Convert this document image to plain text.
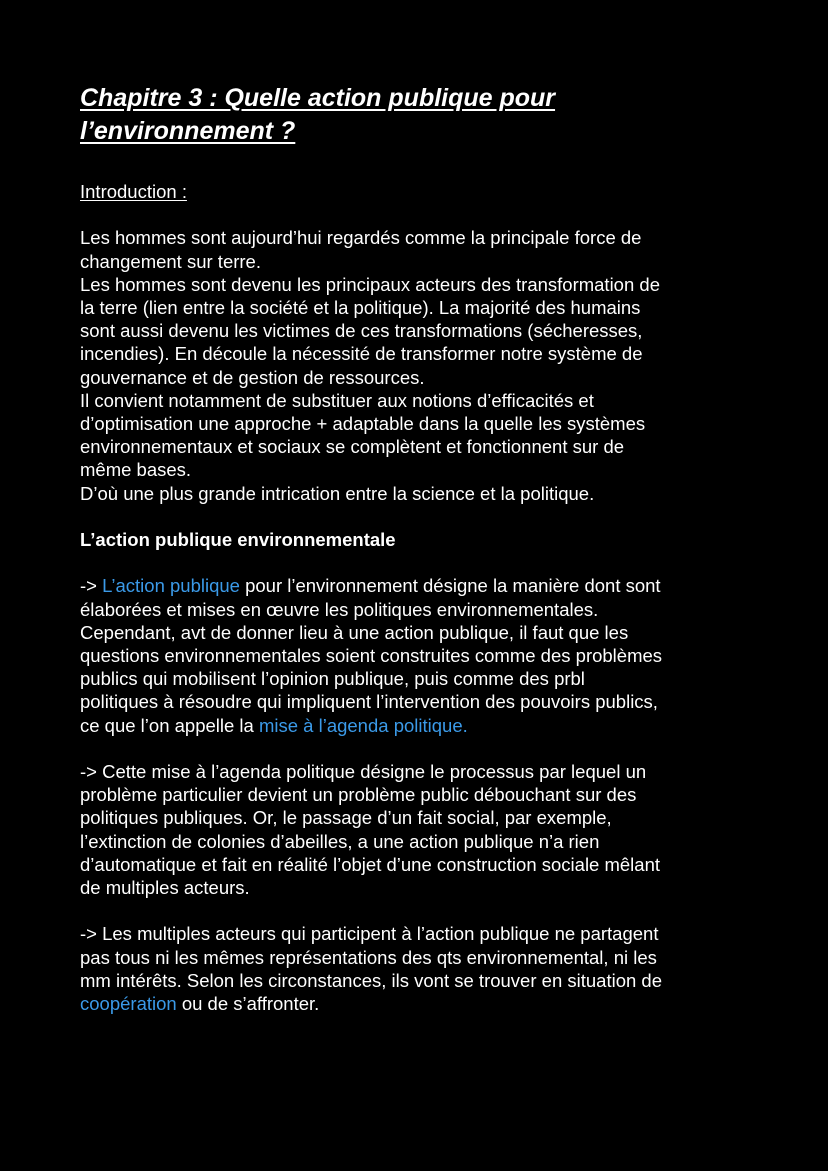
Chapitre 3 : Quelle action publique pour
l’environnement ?

Introduction :

Les hommes sont aujourd’hui regardés comme la principale force de

changement sur terre.

Les hommes sont devenu les principaux acteurs des transformation de

la terre (lien entre la société et la politique). La majorité des humains

sont aussi devenu les victimes de ces transformations (sécheresses,

incendies). En découle la nécessité de transformer notre système de

gouvernance et de gestion de ressources.

Il convient notamment de substituer aux notions d’efficacités et

d’optimisation une approche + adaptable dans la quelle les systèmes

environnementaux et sociaux se complètent et fonctionnent sur de

même bases.

D’où une plus grande intrication entre la science et la politique.

L’action publique environnementale

-> L’action publique pour l’environnement désigne la manière dont sont

élaborées et mises en œuvre les politiques environnementales.

Cependant, avt de donner lieu à une action publique, il faut que les

questions environnementales soient construites comme des problèmes

publics qui mobilisent l’opinion publique, puis comme des prbl

politiques à résoudre qui impliquent l’intervention des pouvoirs publics,

ce que l’on appelle la mise à l’agenda politique.

-> Cette mise à l’agenda politique désigne le processus par lequel un

problème particulier devient un problème public débouchant sur des

politiques publiques. Or, le passage d’un fait social, par exemple,

l’extinction de colonies d’abeilles, a une action publique n’a rien

d’automatique et fait en réalité l’objet d’une construction sociale mêlant

de multiples acteurs.

-> Les multiples acteurs qui participent à l’action publique ne partagent

pas tous ni les mêmes représentations des qts environnemental, ni les

mm intérêts. Selon les circonstances, ils vont se trouver en situation de

coopération ou de s’affronter.
